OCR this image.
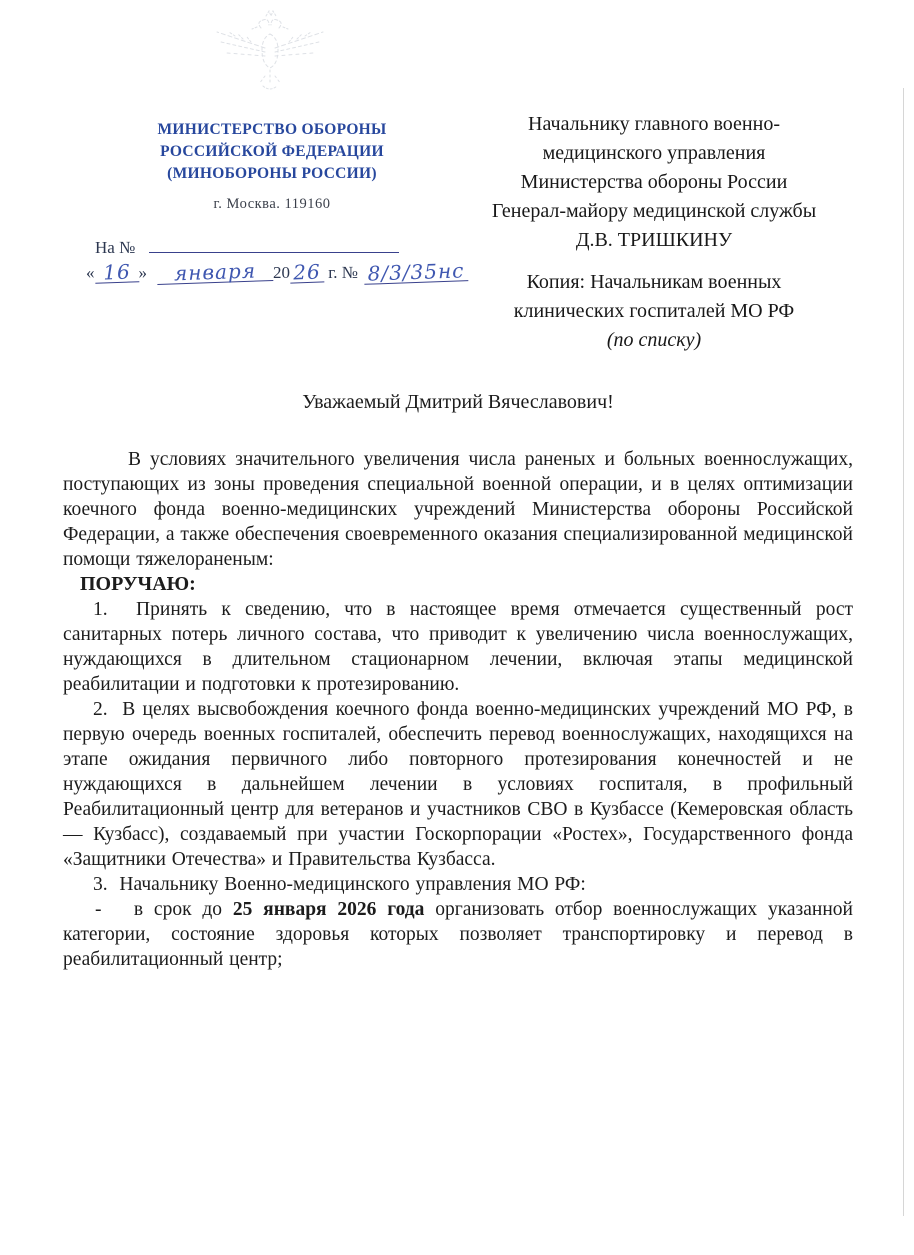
МИНИСТЕРСТВО ОБОРОНЫ
РОССИЙСКОЙ ФЕДЕРАЦИИ
(МИНОБОРОНЫ РОССИИ)
г. Москва. 119160
На №
« 16 » января 20 26 г. № 8/3/35нс
Начальнику главного военно-
медицинского управления
Министерства обороны России
Генерал-майору медицинской службы
Д.В. ТРИШКИНУ
Копия: Начальникам военных
клинических госпиталей МО РФ
(по списку)
Уважаемый Дмитрий Вячеславович!

В условиях значительного увеличения числа раненых и больных военнослужащих, поступающих из зоны проведения специальной военной операции, и в целях оптимизации коечного фонда военно-медицинских учреждений Министерства обороны Российской Федерации, а также обеспечения своевременного оказания специализированной медицинской помощи тяжелораненым:

ПОРУЧАЮ:

1.  Принять к сведению, что в настоящее время отмечается существенный рост санитарных потерь личного состава, что приводит к увеличению числа военнослужащих, нуждающихся в длительном стационарном лечении, включая этапы медицинской реабилитации и подготовки к протезированию.

2.  В целях высвобождения коечного фонда военно-медицинских учреждений МО РФ, в первую очередь военных госпиталей, обеспечить перевод военнослужащих, находящихся на этапе ожидания первичного либо повторного протезирования конечностей и не нуждающихся в дальнейшем лечении в условиях госпиталя, в профильный Реабилитационный центр для ветеранов и участников СВО в Кузбассе (Кемеровская область — Кузбасс), создаваемый при участии Госкорпорации «Ростех», Государственного фонда «Защитники Отечества» и Правительства Кузбасса.

3.  Начальнику Военно-медицинского управления МО РФ:

-   в срок до 25 января 2026 года организовать отбор военнослужащих указанной категории, состояние здоровья которых позволяет транспортировку и перевод в реабилитационный центр;
